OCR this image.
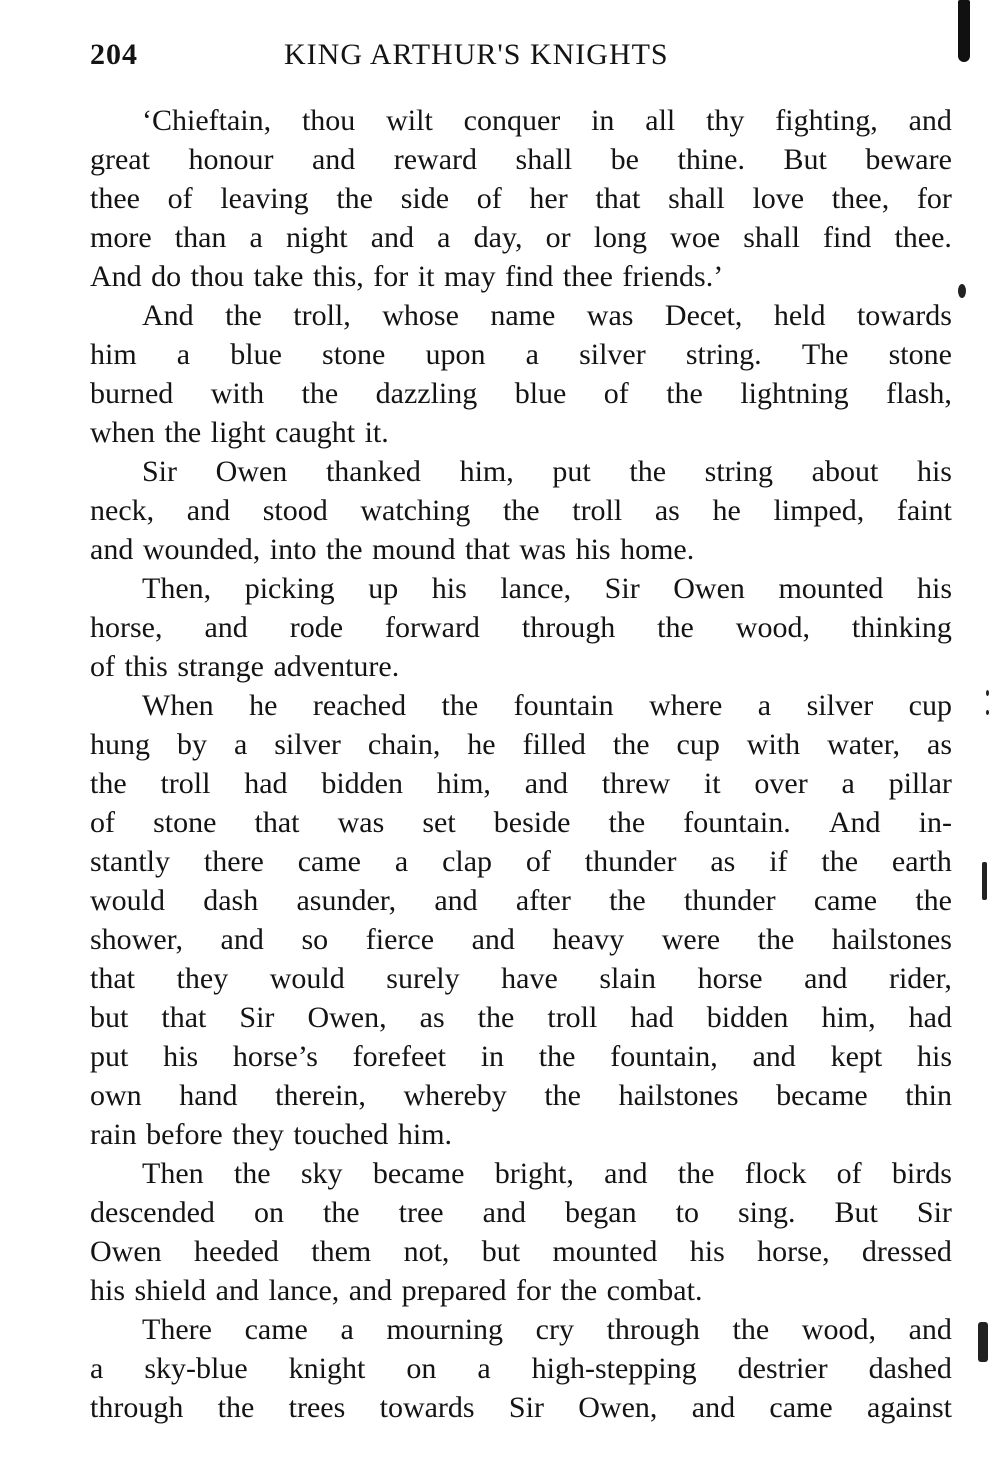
204	KING ARTHUR'S KNIGHTS
‘Chieftain, thou wilt conquer in all thy fighting, and
great honour and reward shall be thine. But beware
thee of leaving the side of her that shall love thee, for
more than a night and a day, or long woe shall find thee.
And do thou take this, for it may find thee friends.’
And the troll, whose name was Decet, held towards
him a blue stone upon a silver string. The stone
burned with the dazzling blue of the lightning flash,
when the light caught it.
Sir Owen thanked him, put the string about his
neck, and stood watching the troll as he limped, faint
and wounded, into the mound that was his home.
Then, picking up his lance, Sir Owen mounted his
horse, and rode forward through the wood, thinking
of this strange adventure.
When he reached the fountain where a silver cup
hung by a silver chain, he filled the cup with water, as
the troll had bidden him, and threw it over a pillar
of stone that was set beside the fountain. And in-
stantly there came a clap of thunder as if the earth
would dash asunder, and after the thunder came the
shower, and so fierce and heavy were the hailstones
that they would surely have slain horse and rider,
but that Sir Owen, as the troll had bidden him, had
put his horse’s forefeet in the fountain, and kept his
own hand therein, whereby the hailstones became thin
rain before they touched him.
Then the sky became bright, and the flock of birds
descended on the tree and began to sing. But Sir
Owen heeded them not, but mounted his horse, dressed
his shield and lance, and prepared for the combat.
There came a mourning cry through the wood, and
a sky-blue knight on a high-stepping destrier dashed
through the trees towards Sir Owen, and came against
